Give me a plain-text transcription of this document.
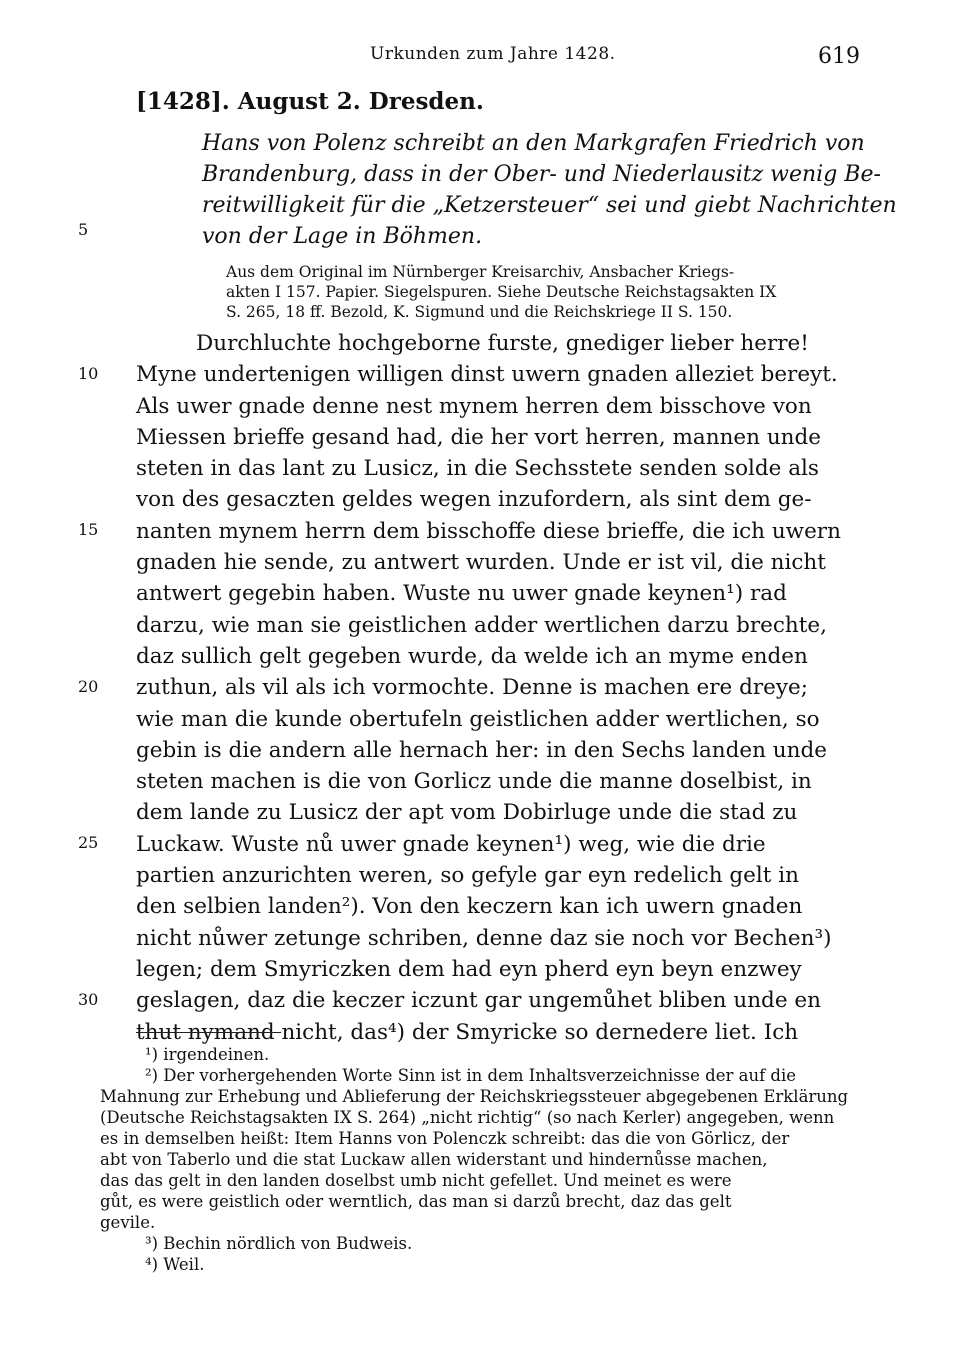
Urkunden zum Jahre 1428.	619
[1428]. August 2. Dresden.
Hans von Polenz schreibt an den Markgrafen Friedrich von
Brandenburg, dass in der Ober- und Niederlausitz wenig Be-
reitwilligkeit für die „Ketzersteuer“ sei und giebt Nachrichten
von der Lage in Böhmen.
Aus dem Original im Nürnberger Kreisarchiv, Ansbacher Kriegs-
akten I 157. Papier. Siegelspuren. Siehe Deutsche Reichstagsakten IX
S. 265, 18 ff. Bezold, K. Sigmund und die Reichskriege II S. 150.
Durchluchte hochgeborne furste, gnediger lieber herre!
Myne undertenigen willigen dinst uwern gnaden alleziet bereyt.
Als uwer gnade denne nest mynem herren dem bisschove von
Miessen brieffe gesand had, die her vort herren, mannen unde
steten in das lant zu Lusicz, in die Sechsstete senden solde als
von des gesaczten geldes wegen inzufordern, als sint dem ge-
nanten mynem herrn dem bisschoffe diese brieffe, die ich uwern
gnaden hie sende, zu antwert wurden. Unde er ist vil, die nicht
antwert gegebin haben. Wuste nu uwer gnade keynen¹) rad
darzu, wie man sie geistlichen adder wertlichen darzu brechte,
daz sullich gelt gegeben wurde, da welde ich an myme enden
zuthun, als vil als ich vormochte. Denne is machen ere dreye;
wie man die kunde obertufeln geistlichen adder wertlichen, so
gebin is die andern alle hernach her: in den Sechs landen unde
steten machen is die von Gorlicz unde die manne doselbist, in
dem lande zu Lusicz der apt vom Dobirluge unde die stad zu
Luckaw. Wuste nů uwer gnade keynen¹) weg, wie die drie
partien anzurichten weren, so gefyle gar eyn redelich gelt in
den selbien landen²). Von den keczern kan ich uwern gnaden
nicht nůwer zetunge schriben, denne daz sie noch vor Bechen³)
legen; dem Smyriczken dem had eyn pherd eyn beyn enzwey
geslagen, daz die keczer iczunt gar ungemůhet bliben unde en
thut nymand nicht, das⁴) der Smyricke so dernedere liet. Ich
5
10
15
20
25
30
¹) irgendeinen.
²) Der vorhergehenden Worte Sinn ist in dem Inhaltsverzeichnisse der auf die
Mahnung zur Erhebung und Ablieferung der Reichskriegssteuer abgegebenen Erklärung
(Deutsche Reichstagsakten IX S. 264) „nicht richtig“ (so nach Kerler) angegeben, wenn
es in demselben heißt: Item Hanns von Polenczk schreibt: das die von Görlicz, der
abt von Taberlo und die stat Luckaw allen widerstant und hindernůsse machen,
das das gelt in den landen doselbst umb nicht gefellet. Und meinet es were
gůt, es were geistlich oder werntlich, das man si darzů brecht, daz das gelt
gevile.
³) Bechin nördlich von Budweis.
⁴) Weil.
